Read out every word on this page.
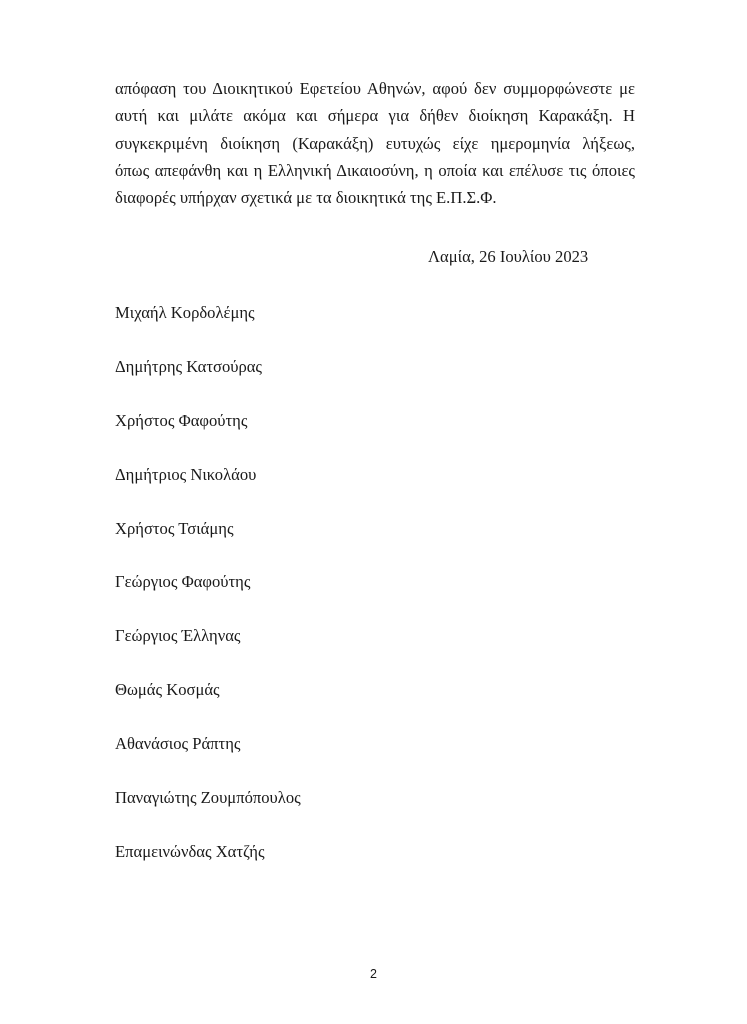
απόφαση του Διοικητικού Εφετείου Αθηνών, αφού δεν συμμορφώνεστε με
αυτή και μιλάτε ακόμα και σήμερα για δήθεν διοίκηση Καρακάξη. Η
συγκεκριμένη διοίκηση (Καρακάξη) ευτυχώς είχε ημερομηνία λήξεως,
όπως απεφάνθη και η Ελληνική Δικαιοσύνη, η οποία και επέλυσε τις όποιες
διαφορές υπήρχαν σχετικά με τα διοικητικά της Ε.Π.Σ.Φ.
Λαμία, 26 Ιουλίου 2023
Μιχαήλ Κορδολέμης
Δημήτρης Κατσούρας
Χρήστος Φαφούτης
Δημήτριος Νικολάου
Χρήστος Τσιάμης
Γεώργιος Φαφούτης
Γεώργιος Έλληνας
Θωμάς Κοσμάς
Αθανάσιος Ράπτης
Παναγιώτης Ζουμπόπουλος
Επαμεινώνδας Χατζής
2
